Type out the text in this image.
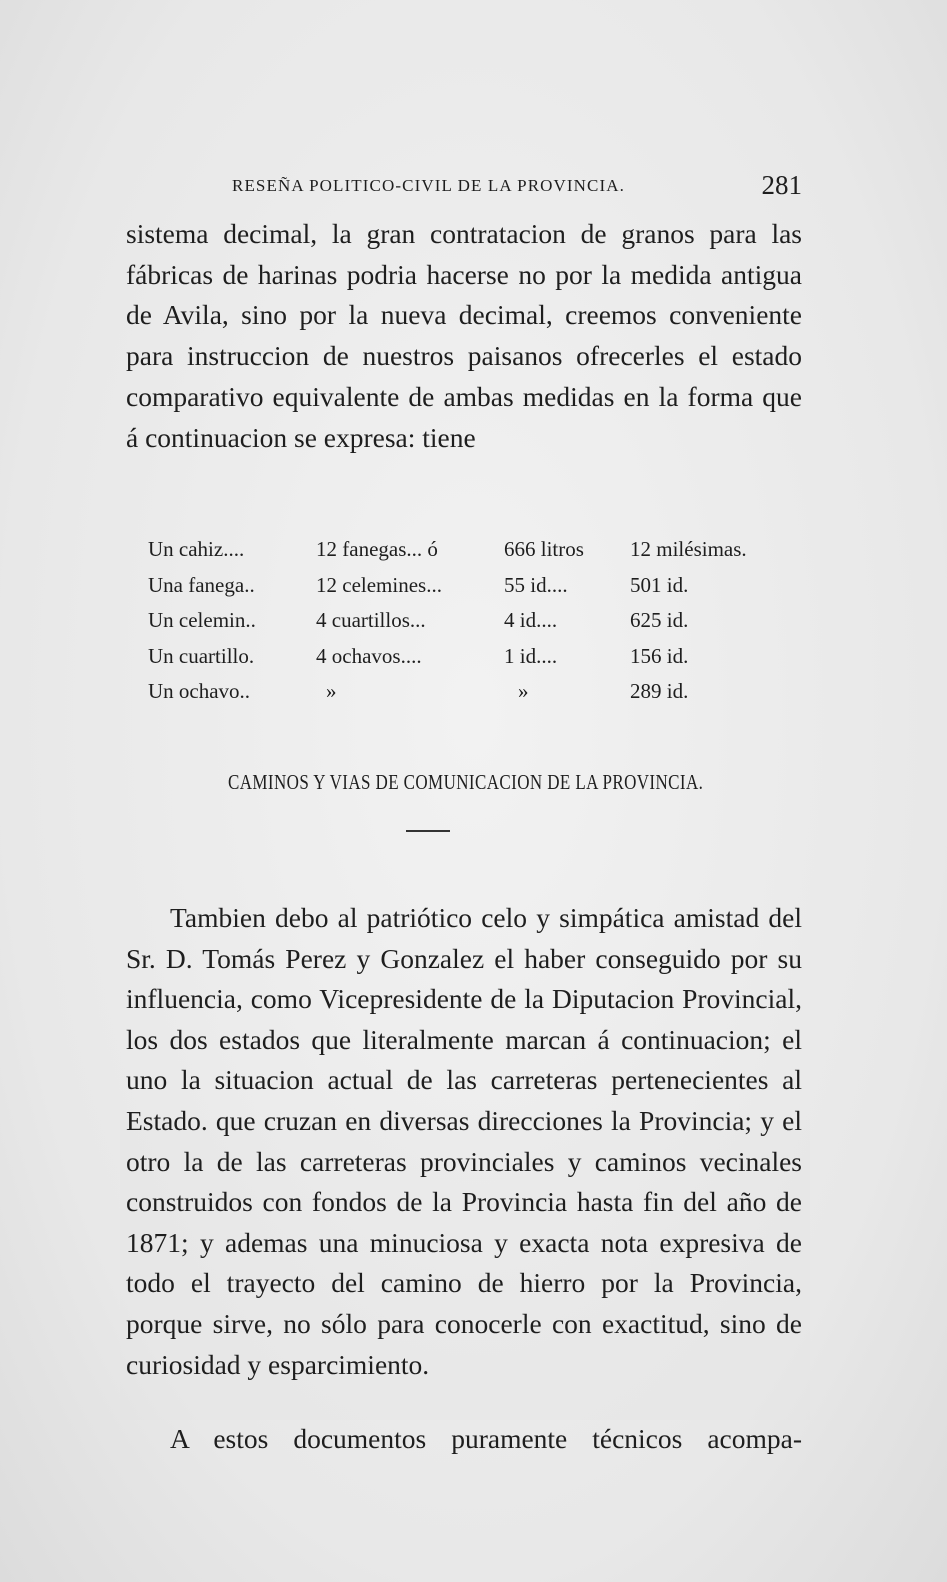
RESEÑA POLITICO-CIVIL DE LA PROVINCIA.	281

sistema decimal, la gran contratacion de granos para las fábricas de harinas podria hacerse no por la medida antigua de Avila, sino por la nueva decimal, creemos conveniente para instruccion de nuestros paisanos ofrecerles el estado comparativo equivalente de ambas medidas en la forma que á continuacion se expresa: tiene

Un cahiz....	12 fanegas... ó	666 litros 12 milésimas.
Una fanega..	12 celemines...	55 id....	501 id.
Un celemin..	4 cuartillos...	4 id....	625 id.
Un cuartillo.	4 ochavos....	1 id....	156 id.
Un ochavo..	»	»	289 id.
CAMINOS Y VIAS DE COMUNICACION DE LA PROVINCIA.

Tambien debo al patriótico celo y simpática amistad del Sr. D. Tomás Perez y Gonzalez el haber conseguido por su influencia, como Vicepresidente de la Diputacion Provincial, los dos estados que literalmente marcan á continuacion; el uno la situacion actual de las carreteras pertenecientes al Estado. que cruzan en diversas direcciones la Provincia; y el otro la de las carreteras provinciales y caminos vecinales construidos con fondos de la Provincia hasta fin del año de 1871; y ademas una minuciosa y exacta nota expresiva de todo el trayecto del camino de hierro por la Provincia, porque sirve, no sólo para conocerle con exactitud, sino de curiosidad y esparcimiento.

A estos documentos puramente técnicos acompa-
